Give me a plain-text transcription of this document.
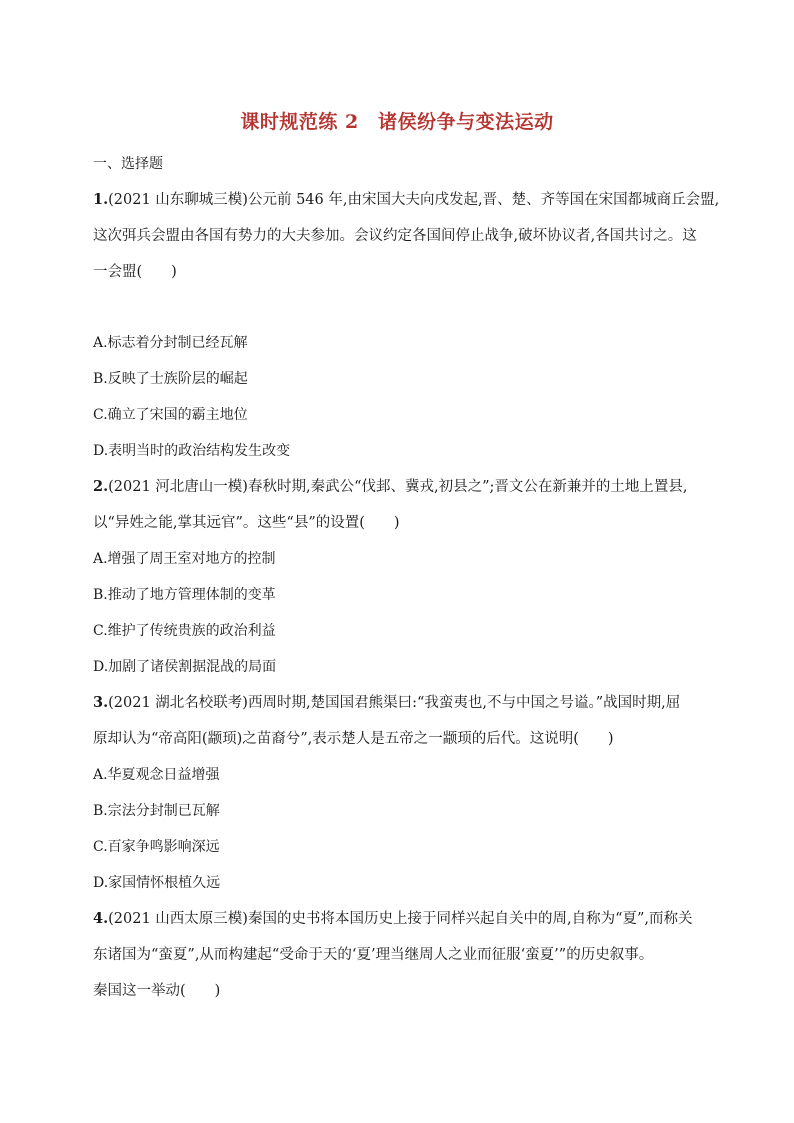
课时规范练 2　诸侯纷争与变法运动
一、选择题
1.(2021 山东聊城三模)公元前 546 年,由宋国大夫向戌发起,晋、楚、齐等国在宋国都城商丘会盟,
这次弭兵会盟由各国有势力的大夫参加。会议约定各国间停止战争,破坏协议者,各国共讨之。这
一会盟(　　)
A.标志着分封制已经瓦解
B.反映了士族阶层的崛起
C.确立了宋国的霸主地位
D.表明当时的政治结构发生改变
2.(2021 河北唐山一模)春秋时期,秦武公“伐邽、冀戎,初县之”;晋文公在新兼并的土地上置县,
以“异姓之能,掌其远官”。这些“县”的设置(　　)
A.增强了周王室对地方的控制
B.推动了地方管理体制的变革
C.维护了传统贵族的政治利益
D.加剧了诸侯割据混战的局面
3.(2021 湖北名校联考)西周时期,楚国国君熊渠曰:“我蛮夷也,不与中国之号谥。”战国时期,屈
原却认为“帝高阳(颛顼)之苗裔兮”,表示楚人是五帝之一颛顼的后代。这说明(　　)
A.华夏观念日益增强
B.宗法分封制已瓦解
C.百家争鸣影响深远
D.家国情怀根植久远
4.(2021 山西太原三模)秦国的史书将本国历史上接于同样兴起自关中的周,自称为“夏”,而称关
东诸国为“蛮夏”,从而构建起“受命于天的‘夏’理当继周人之业而征服‘蛮夏’”的历史叙事。
秦国这一举动(　　)
